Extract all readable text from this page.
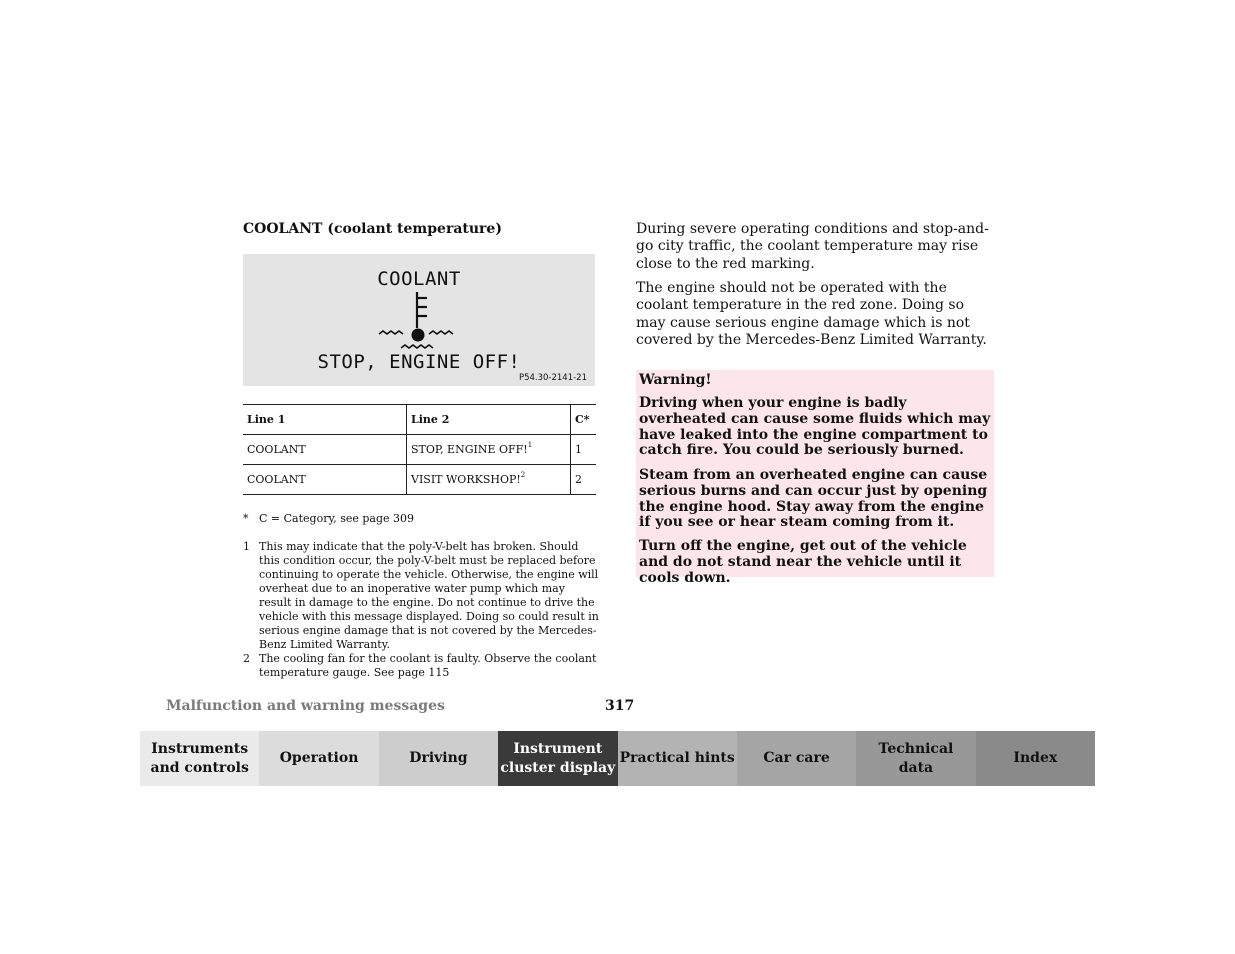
COOLANT (coolant temperature)
COOLANT
STOP, ENGINE OFF!
P54.30-2141-21
Line 1	Line 2	C*
COOLANT	STOP, ENGINE OFF!$^1$	1
COOLANT	VISIT WORKSHOP!$^2$	2
* C = Category, see page 309
1 This may indicate that the poly-V-belt has broken. Should this condition occur, the poly-V-belt must be replaced before continuing to operate the vehicle. Otherwise, the engine will overheat due to an inoperative water pump which may result in damage to the engine. Do not continue to drive the vehicle with this message displayed. Doing so could result in serious engine damage that is not covered by the Mercedes-Benz Limited Warranty.
2 The cooling fan for the coolant is faulty. Observe the coolant temperature gauge. See page 115
During severe operating conditions and stop-and-go city traffic, the coolant temperature may rise close to the red marking.
The engine should not be operated with the coolant temperature in the red zone. Doing so may cause serious engine damage which is not covered by the Mercedes-Benz Limited Warranty.

Warning!

Driving when your engine is badly overheated can cause some fluids which may have leaked into the engine compartment to catch fire. You could be seriously burned.

Steam from an overheated engine can cause serious burns and can occur just by opening the engine hood. Stay away from the engine if you see or hear steam coming from it.

Turn off the engine, get out of the vehicle and do not stand near the vehicle until it cools down.

Malfunction and warning messages	317
Instruments
and controls
Operation	Driving
Instrument
cluster display
Practical hints Car care
Technical
data
Index
